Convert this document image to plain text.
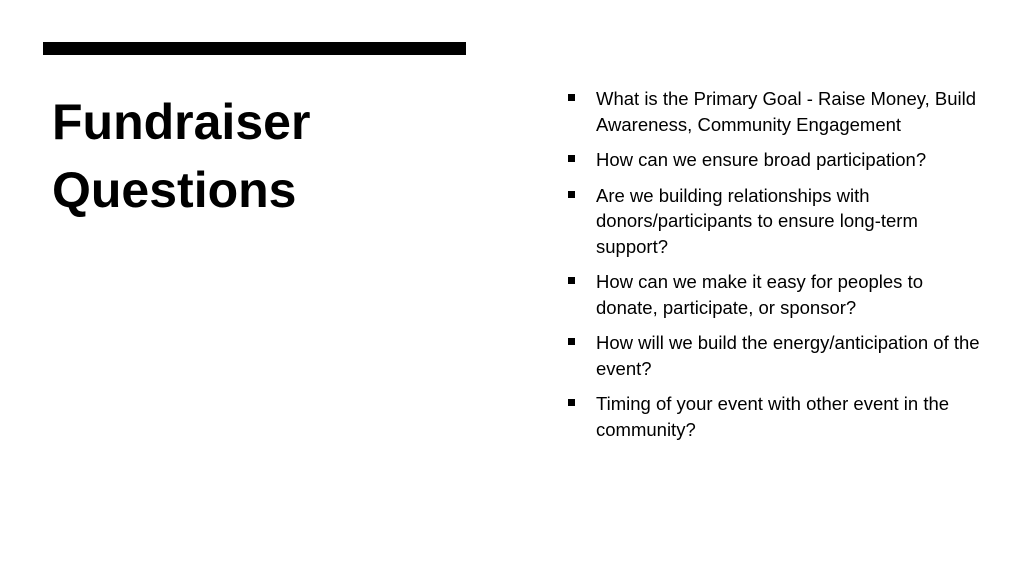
Fundraiser
Questions
What is the Primary Goal - Raise Money, Build Awareness, Community Engagement
How can we ensure broad participation?
Are we building relationships with donors/participants to ensure long-term support?
How can we make it easy for peoples to donate, participate, or sponsor?
How will we build the energy/anticipation of the event?
Timing of your event with other event in the community?
